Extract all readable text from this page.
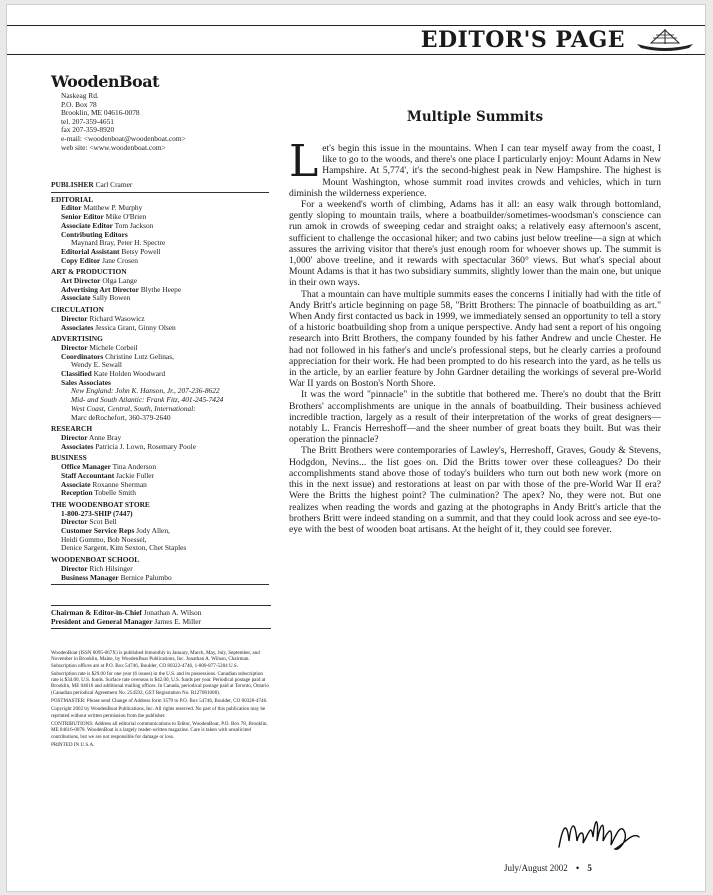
EDITOR'S PAGE
WoodenBoat
Naskeag Rd.
P.O. Box 78
Brooklin, ME 04616-0078
tel. 207-359-4651
fax 207-359-8920
e-mail: <woodenboat@woodenboat.com>
web site: <www.woodenboat.com>
PUBLISHER Carl Cramer
EDITORIAL
Editor Matthew P. Murphy
Senior Editor Mike O'Brien
Associate Editor Tom Jackson
Contributing Editors
Maynard Bray, Peter H. Spectre
Editorial Assistant Betsy Powell
Copy Editor Jane Crosen
ART & PRODUCTION
Art Director Olga Lange
Advertising Art Director Blythe Heepe
Associate Sally Bowen
CIRCULATION
Director Richard Wasowicz
Associates Jessica Grant, Ginny Olsen
ADVERTISING
Director Michele Corbeil
Coordinators Christine Lutz Gelinas,
Wendy E. Sewall
Classified Kate Holden Woodward
Sales Associates
New England: John K. Hanson, Jr., 207-236-8622
Mid- and South Atlantic: Frank Fitz, 401-245-7424
West Coast, Central, South, International:
Marc deRochefort, 360-379-2640
RESEARCH
Director Anne Bray
Associates Patricia J. Lown, Rosemary Poole
BUSINESS
Office Manager Tina Anderson
Staff Accountant Jackie Fuller
Associate Roxanne Sherman
Reception Tobelle Smith
THE WOODENBOAT STORE
1-800-273-SHIP (7447)
Director Scot Bell
Customer Service Reps Jody Allen,
Heidi Gommo, Bob Noessel,
Denice Sargent, Kim Sexton, Chet Staples
WOODENBOAT SCHOOL
Director Rich Hilsinger
Business Manager Bernice Palumbo
Chairman & Editor-in-Chief Jonathan A. Wilson
President and General Manager James E. Miller

WoodenBoat (ISSN 0095-067X) is published bimonthly in January, March, May, July, September, and November in Brooklin, Maine, by WoodenBoat Publications, Inc. Jonathan A. Wilson, Chairman. Subscription offices are at P.O. Box 54746, Boulder, CO 80322-4746, 1-800-877-5284 U.S.

Subscription rate is $29.00 for one year (6 issues) in the U.S. and its possessions. Canadian subscription rate is $34.00, U.S. funds. Surface rate overseas is $42.00, U.S. funds per year. Periodical postage paid at Brooklin, ME 04616 and additional mailing offices. In Canada, periodical postage paid at Toronto, Ontario (Canadian periodical Agreement No. 254592, GST Registration No. R127081008).

POSTMASTER: Please send Change of Address form 3579 to P.O. Box 54746, Boulder, CO 80328-4746.

Copyright 2002 by WoodenBoat Publications, Inc. All rights reserved. No part of this publication may be reprinted without written permission from the publisher.

CONTRIBUTIONS: Address all editorial communications to Editor, WoodenBoat, P.O. Box 78, Brooklin, ME 04616-0078. WoodenBoat is a largely reader-written magazine. Care is taken with unsolicited contributions, but we are not responsible for damage or loss.

PRINTED IN U.S.A.

Multiple Summits

Let's begin this issue in the mountains. When I can tear myself away from the coast, I like to go to the woods, and there's one place I particularly enjoy: Mount Adams in New Hampshire. At 5,774', it's the second-highest peak in New Hampshire. The highest is Mount Washington, whose summit road invites crowds and vehicles, which in turn diminish the wilderness experience.

For a weekend's worth of climbing, Adams has it all: an easy walk through bottomland, gently sloping to mountain trails, where a boatbuilder/sometimes-woodsman's conscience can run amok in crowds of sweeping cedar and straight oaks; a relatively easy afternoon's ascent, sufficient to challenge the occasional hiker; and two cabins just below treeline—a sign at which assures the arriving visitor that there's just enough room for whoever shows up. The summit is 1,000' above treeline, and it rewards with spectacular 360° views. But what's special about Mount Adams is that it has two subsidiary summits, slightly lower than the main one, but unique in their own ways.

That a mountain can have multiple summits eases the concerns I initially had with the title of Andy Britt's article beginning on page 58, "Britt Brothers: The pinnacle of boatbuilding as art." When Andy first contacted us back in 1999, we immediately sensed an opportunity to tell a story of a historic boatbuilding shop from a unique perspective. Andy had sent a report of his ongoing research into Britt Brothers, the company founded by his father Andrew and uncle Chester. He had not followed in his father's and uncle's professional steps, but he clearly carries a profound appreciation for their work. He had been prompted to do his research into the yard, as he tells us in the article, by an earlier feature by John Gardner detailing the workings of several pre-World War II yards on Boston's North Shore.

It was the word "pinnacle" in the subtitle that bothered me. There's no doubt that the Britt Brothers' accomplishments are unique in the annals of boatbuilding. Their business achieved incredible traction, largely as a result of their interpretation of the works of great designers—notably L. Francis Herreshoff—and the sheer number of great boats they built. But was their operation the pinnacle?

The Britt Brothers were contemporaries of Lawley's, Herreshoff, Graves, Goudy & Stevens, Hodgdon, Nevins... the list goes on. Did the Britts tower over these colleagues? Do their accomplishments stand above those of today's builders who turn out both new work (more on this in the next issue) and restorations at least on par with those of the pre-World War II era? Were the Britts the highest point? The culmination? The apex? No, they were not. But one realizes when reading the words and gazing at the photographs in Andy Britt's article that the brothers Britt were indeed standing on a summit, and that they could look across and see eye-to-eye with the best of wooden boat artisans. At the height of it, they could see forever.

July/August 2002 • 5
